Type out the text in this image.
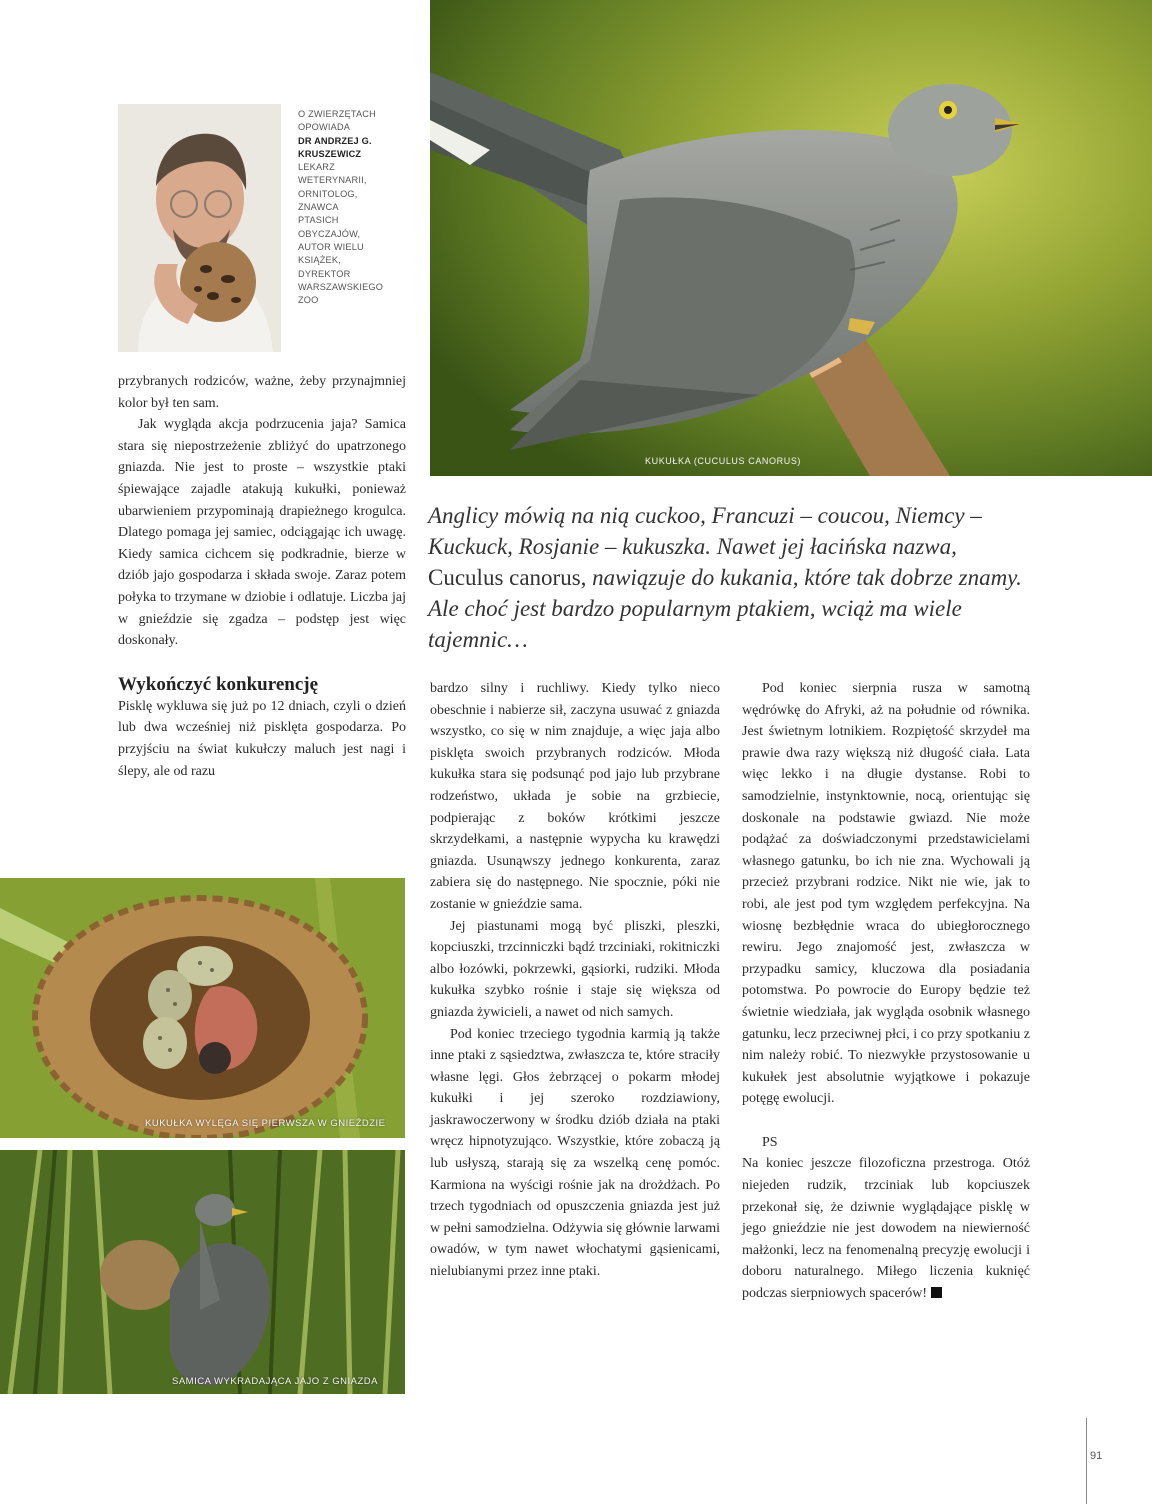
KUKUŁKA (CUCULUS CANORUS)
O ZWIERZĘTACH
OPOWIADA
DR ANDRZEJ G.
KRUSZEWICZ
LEKARZ
WETERYNARII,
ORNITOLOG,
ZNAWCA
PTASICH
OBYCZAJÓW,
AUTOR WIELU
KSIĄŻEK,
DYREKTOR
WARSZAWSKIEGO
ZOO
Anglicy mówią na nią cuckoo, Francuzi – coucou, Niemcy – Kuckuck, Rosjanie – kukuszka. Nawet jej łacińska nazwa, Cuculus canorus, nawiązuje do kukania, które tak dobrze znamy. Ale choć jest bardzo popularnym ptakiem, wciąż ma wiele tajemnic…

przybranych rodziców, ważne, żeby przynajmniej kolor był ten sam.

Jak wygląda akcja podrzucenia jaja? Samica stara się niepostrzeżenie zbliżyć do upatrzonego gniazda. Nie jest to proste – wszystkie ptaki śpiewające zajadle atakują kukułki, ponieważ ubarwieniem przypominają drapieżnego krogulca. Dlatego pomaga jej samiec, odciągając ich uwagę. Kiedy samica cichcem się podkradnie, bierze w dziób jajo gospodarza i składa swoje. Zaraz potem połyka to trzymane w dziobie i odlatuje. Liczba jaj w gnieździe się zgadza – podstęp jest więc doskonały.

Wykończyć konkurencję

Pisklę wykluwa się już po 12 dniach, czyli o dzień lub dwa wcześniej niż pisklęta gospodarza. Po przyjściu na świat kukułczy maluch jest nagi i ślepy, ale od razu

bardzo silny i ruchliwy. Kiedy tylko nieco obeschnie i nabierze sił, zaczyna usuwać z gniazda wszystko, co się w nim znajduje, a więc jaja albo pisklęta swoich przybranych rodziców. Młoda kukułka stara się podsunąć pod jajo lub przybrane rodzeństwo, układa je sobie na grzbiecie, podpierając z boków krótkimi jeszcze skrzydełkami, a następnie wypycha ku krawędzi gniazda. Usunąwszy jednego konkurenta, zaraz zabiera się do następnego. Nie spocznie, póki nie zostanie w gnieździe sama.

Jej piastunami mogą być pliszki, pleszki, kopciuszki, trzcinniczki bądź trzciniaki, rokitniczki albo łozówki, pokrzewki, gąsiorki, rudziki. Młoda kukułka szybko rośnie i staje się większa od gniazda żywicieli, a nawet od nich samych.

Pod koniec trzeciego tygodnia karmią ją także inne ptaki z sąsiedztwa, zwłaszcza te, które straciły własne lęgi. Głos żebrzącej o pokarm młodej kukułki i jej szeroko rozdziawiony, jaskrawoczerwony w środku dziób działa na ptaki wręcz hipnotyzująco. Wszystkie, które zobaczą ją lub usłyszą, starają się za wszelką cenę pomóc. Karmiona na wyścigi rośnie jak na drożdżach. Po trzech tygodniach od opuszczenia gniazda jest już w pełni samodzielna. Odżywia się głównie larwami owadów, w tym nawet włochatymi gąsienicami, nielubianymi przez inne ptaki.

Pod koniec sierpnia rusza w samotną wędrówkę do Afryki, aż na południe od równika. Jest świetnym lotnikiem. Rozpiętość skrzydeł ma prawie dwa razy większą niż długość ciała. Lata więc lekko i na długie dystanse. Robi to samodzielnie, instynktownie, nocą, orientując się doskonale na podstawie gwiazd. Nie może podążać za doświadczonymi przedstawicielami własnego gatunku, bo ich nie zna. Wychowali ją przecież przybrani rodzice. Nikt nie wie, jak to robi, ale jest pod tym względem perfekcyjna. Na wiosnę bezbłędnie wraca do ubiegłorocznego rewiru. Jego znajomość jest, zwłaszcza w przypadku samicy, kluczowa dla posiadania potomstwa. Po powrocie do Europy będzie też świetnie wiedziała, jak wygląda osobnik własnego gatunku, lecz przeciwnej płci, i co przy spotkaniu z nim należy robić. To niezwykłe przystosowanie u kukułek jest absolutnie wyjątkowe i pokazuje potęgę ewolucji.

PS

Na koniec jeszcze filozoficzna przestroga. Otóż niejeden rudzik, trzciniak lub kopciuszek przekonał się, że dziwnie wyglądające pisklę w jego gnieździe nie jest dowodem na niewierność małżonki, lecz na fenomenalną precyzję ewolucji i doboru naturalnego. Miłego liczenia kuknięć podczas sierpniowych spacerów!

KUKUŁKA WYLĘGA SIĘ PIERWSZA W GNIEŹDZIE
SAMICA WYKRADAJĄCA JAJO Z GNIAZDA
91
